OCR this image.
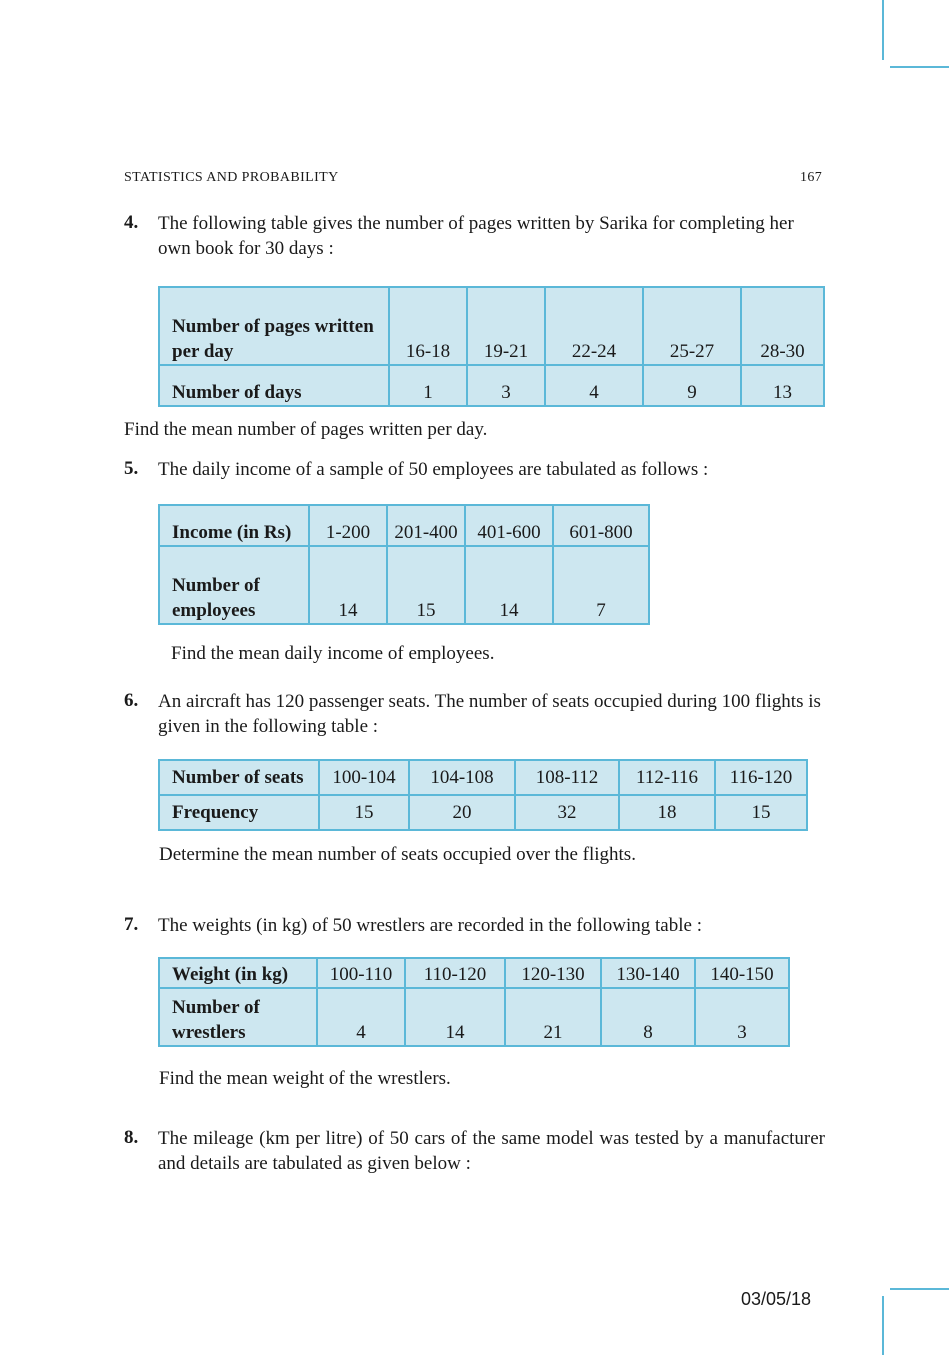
STATISTICS AND PROBABILITY	167
4. The following table gives the number of pages written by Sarika for completing her own book for 30 days :
Number of pages written per day	16-18	19-21	22-24	25-27	28-30
Number of days	1	3	4	9	13
Find the mean number of pages written per day.
5. The daily income of a sample of 50 employees are tabulated as follows :
Income (in Rs)	1-200	201-400	401-600	601-800
Number of employees	14	15	14	7
Find the mean daily income of employees.
6. An aircraft has 120 passenger seats. The number of seats occupied during 100 flights is given in the following table :
Number of seats	100-104	104-108	108-112	112-116	116-120
Frequency	15	20	32	18	15
Determine the mean number of seats occupied over the flights.
7. The weights (in kg) of 50 wrestlers are recorded in the following table :
Weight (in kg)	100-110	110-120	120-130	130-140	140-150
Number of wrestlers	4	14	21	8	3
Find the mean weight of the wrestlers.
8. The mileage (km per litre) of 50 cars of the same model was tested by a manufacturer and details are tabulated as given below :
03/05/18
